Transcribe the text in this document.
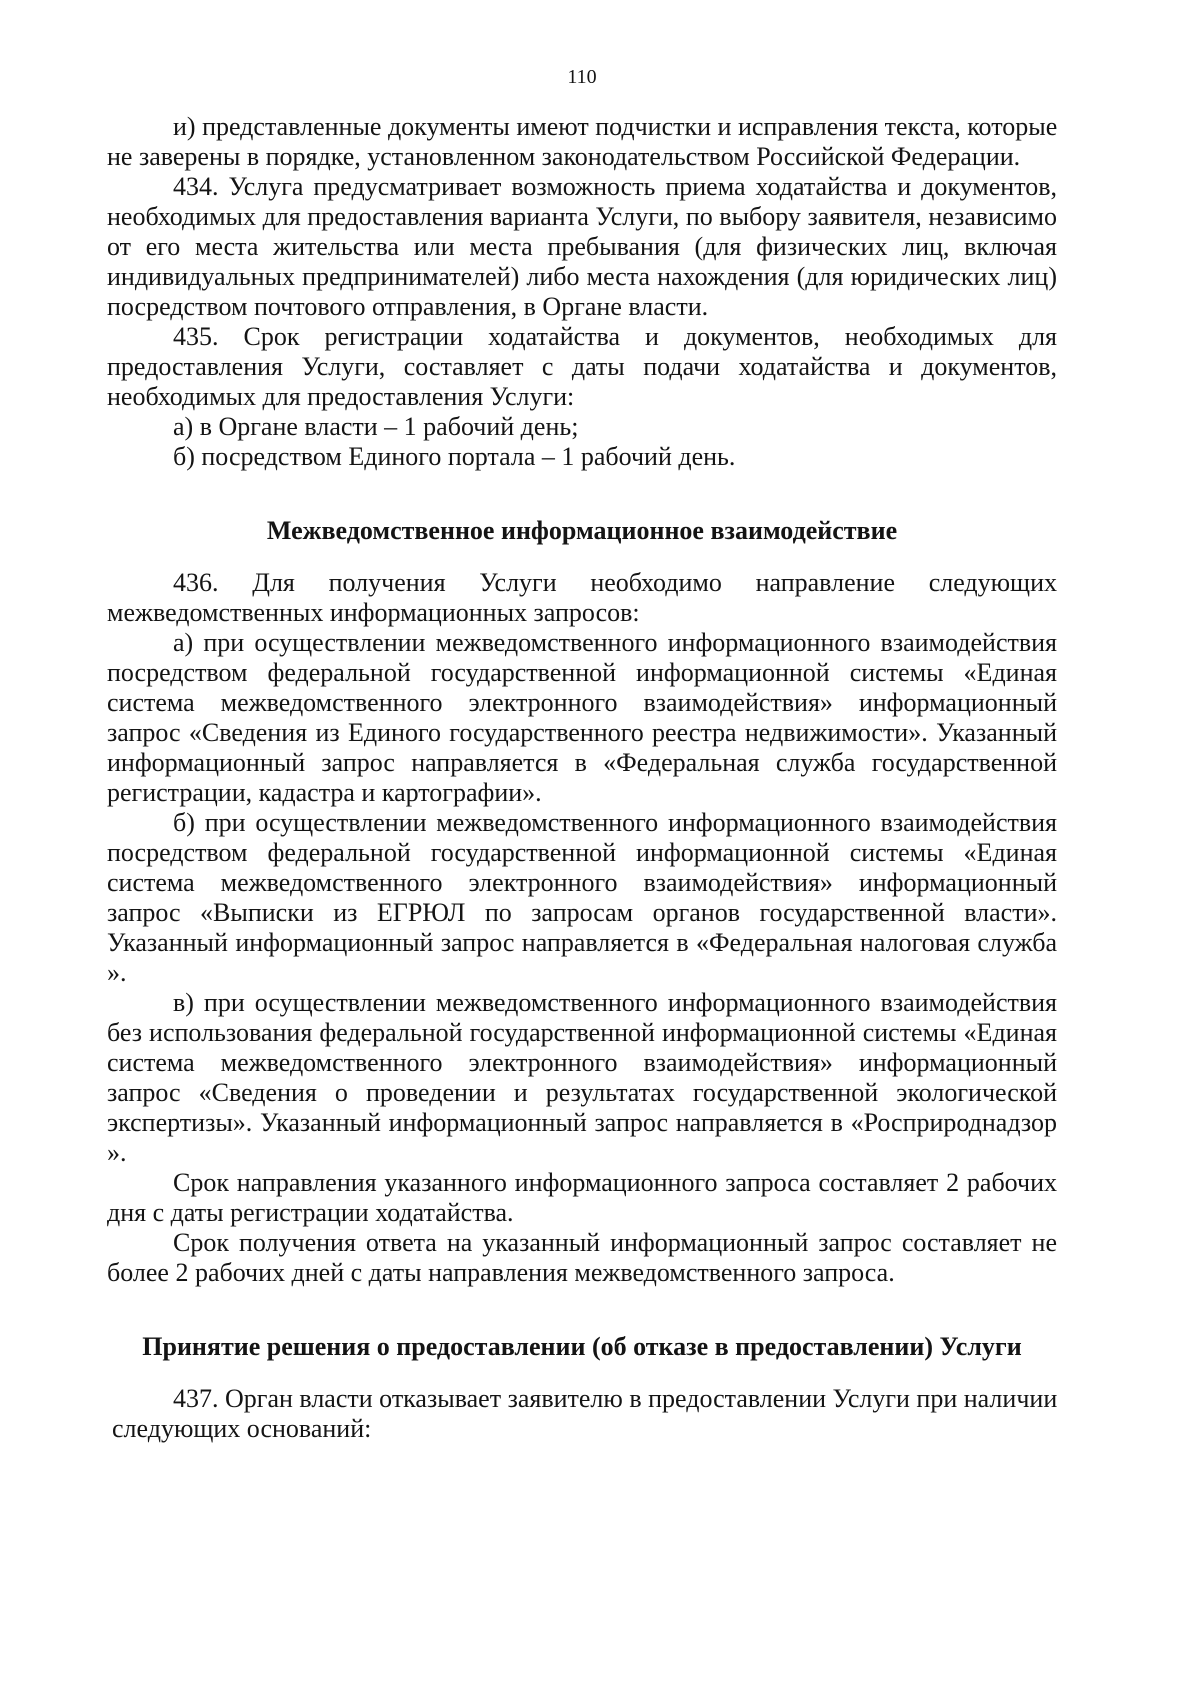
110
и) представленные документы имеют подчистки и исправления текста, которые
не заверены в порядке, установленном законодательством Российской Федерации.
434. Услуга предусматривает возможность приема ходатайства и документов,
необходимых для предоставления варианта Услуги, по выбору заявителя, независимо
от его места жительства или места пребывания (для физических лиц, включая
индивидуальных предпринимателей) либо места нахождения (для юридических лиц)
посредством почтового отправления, в Органе власти.
435. Срок регистрации ходатайства и документов, необходимых для
предоставления Услуги, составляет с даты подачи ходатайства и документов,
необходимых для предоставления Услуги:
а) в Органе власти – 1 рабочий день;
б) посредством Единого портала – 1 рабочий день.
Межведомственное информационное взаимодействие
436. Для получения Услуги необходимо направление следующих
межведомственных информационных запросов:
а) при осуществлении межведомственного информационного взаимодействия
посредством федеральной государственной информационной системы «Единая
система межведомственного электронного взаимодействия» информационный
запрос «Сведения из Единого государственного реестра недвижимости». Указанный
информационный запрос направляется в «Федеральная служба государственной
регистрации, кадастра и картографии».
б) при осуществлении межведомственного информационного взаимодействия
посредством федеральной государственной информационной системы «Единая
система межведомственного электронного взаимодействия» информационный
запрос «Выписки из ЕГРЮЛ по запросам органов государственной власти».
Указанный информационный запрос направляется в «Федеральная налоговая служба
».
в) при осуществлении межведомственного информационного взаимодействия
без использования федеральной государственной информационной системы «Единая
система межведомственного электронного взаимодействия» информационный
запрос «Сведения о проведении и результатах государственной экологической
экспертизы». Указанный информационный запрос направляется в «Росприроднадзор
».
Срок направления указанного информационного запроса составляет 2 рабочих
дня с даты регистрации ходатайства.
Срок получения ответа на указанный информационный запрос составляет не
более 2 рабочих дней с даты направления межведомственного запроса.
Принятие решения о предоставлении (об отказе в предоставлении) Услуги
437. Орган власти отказывает заявителю в предоставлении Услуги при наличии
следующих оснований:
